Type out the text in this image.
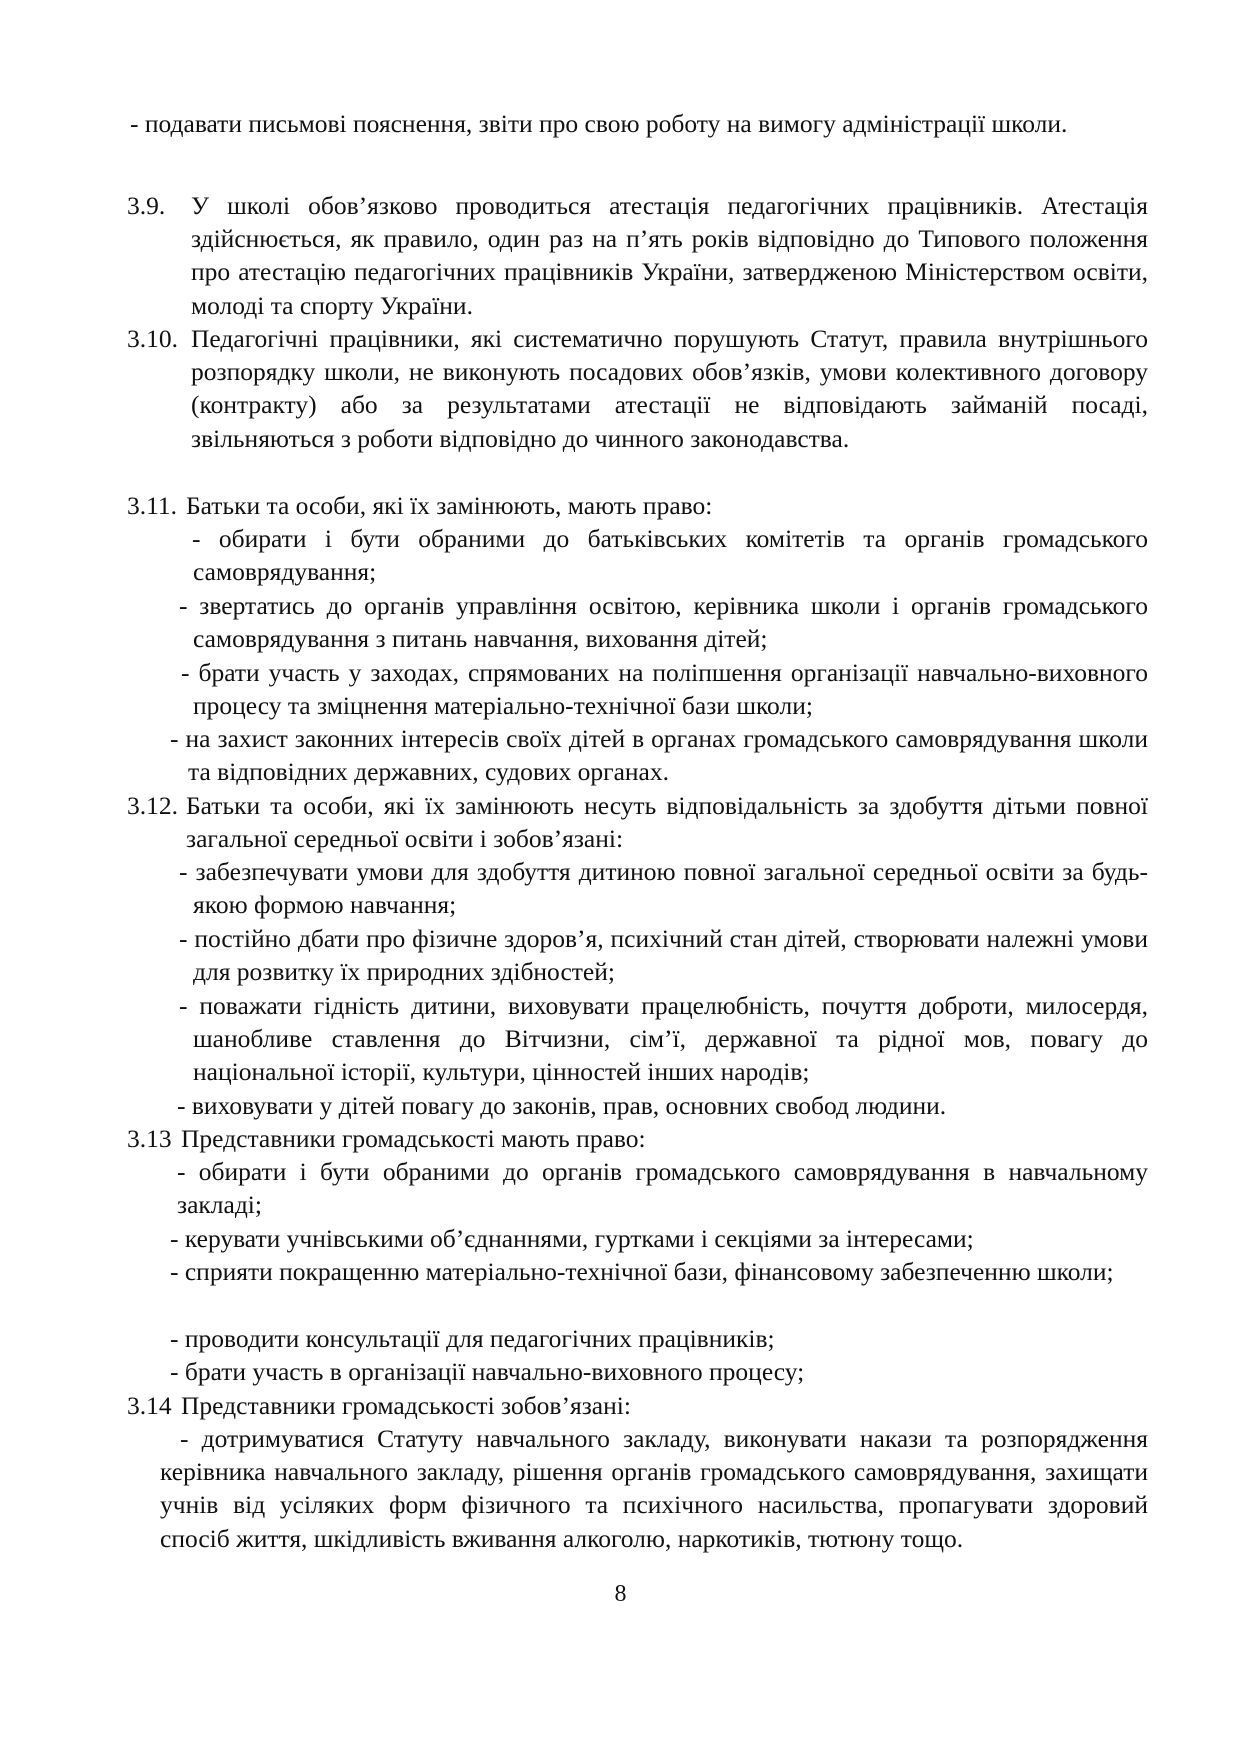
- подавати письмові пояснення, звіти про свою роботу на вимогу адміністрації школи.
3.9. У школі обов’язково проводиться атестація педагогічних працівників. Атестація здійснюється, як правило, один раз на п’ять років відповідно до Типового положення про атестацію педагогічних працівників України, затвердженою Міністерством освіти, молоді та спорту України.
3.10. Педагогічні працівники, які систематично порушують Статут, правила внутрішнього розпорядку школи, не виконують посадових обов’язків, умови колективного договору (контракту) або за результатами атестації не відповідають займаній посаді, звільняються з роботи відповідно до чинного законодавства.
3.11. Батьки та особи, які їх замінюють, мають право:
- обирати і бути обраними до батьківських комітетів та органів громадського самоврядування;
- звертатись до органів управління освітою, керівника школи і органів громадського самоврядування з питань навчання, виховання дітей;
- брати участь у заходах, спрямованих на поліпшення організації навчально-виховного процесу та зміцнення матеріально-технічної бази школи;
- на захист законних інтересів своїх дітей в органах громадського самоврядування школи та відповідних державних, судових органах.
3.12. Батьки та особи, які їх замінюють несуть відповідальність за здобуття дітьми повної загальної середньої освіти і зобов’язані:
- забезпечувати умови для здобуття дитиною повної загальної середньої освіти за будь-якою формою навчання;
- постійно дбати про фізичне здоров’я, психічний стан дітей, створювати належні умови для розвитку їх природних здібностей;
- поважати гідність дитини, виховувати працелюбність, почуття доброти, милосердя, шанобливе ставлення до Вітчизни, сім’ї, державної та рідної мов, повагу до національної історії, культури, цінностей інших народів;
- виховувати у дітей повагу до законів, прав, основних свобод людини.
3.13 Представники громадськості мають право:
- обирати і бути обраними до органів громадського самоврядування в навчальному закладі;
- керувати учнівськими об’єднаннями, гуртками і секціями за інтересами;
- сприяти покращенню матеріально-технічної бази, фінансовому забезпеченню школи;
- проводити консультації для педагогічних працівників;
- брати участь в організації навчально-виховного процесу;
3.14 Представники громадськості зобов’язані:
- дотримуватися Статуту навчального закладу, виконувати накази та розпорядження керівника навчального закладу, рішення органів громадського самоврядування, захищати учнів від усіляких форм фізичного та психічного насильства, пропагувати здоровий спосіб життя, шкідливість вживання алкоголю, наркотиків, тютюну тощо.
8
